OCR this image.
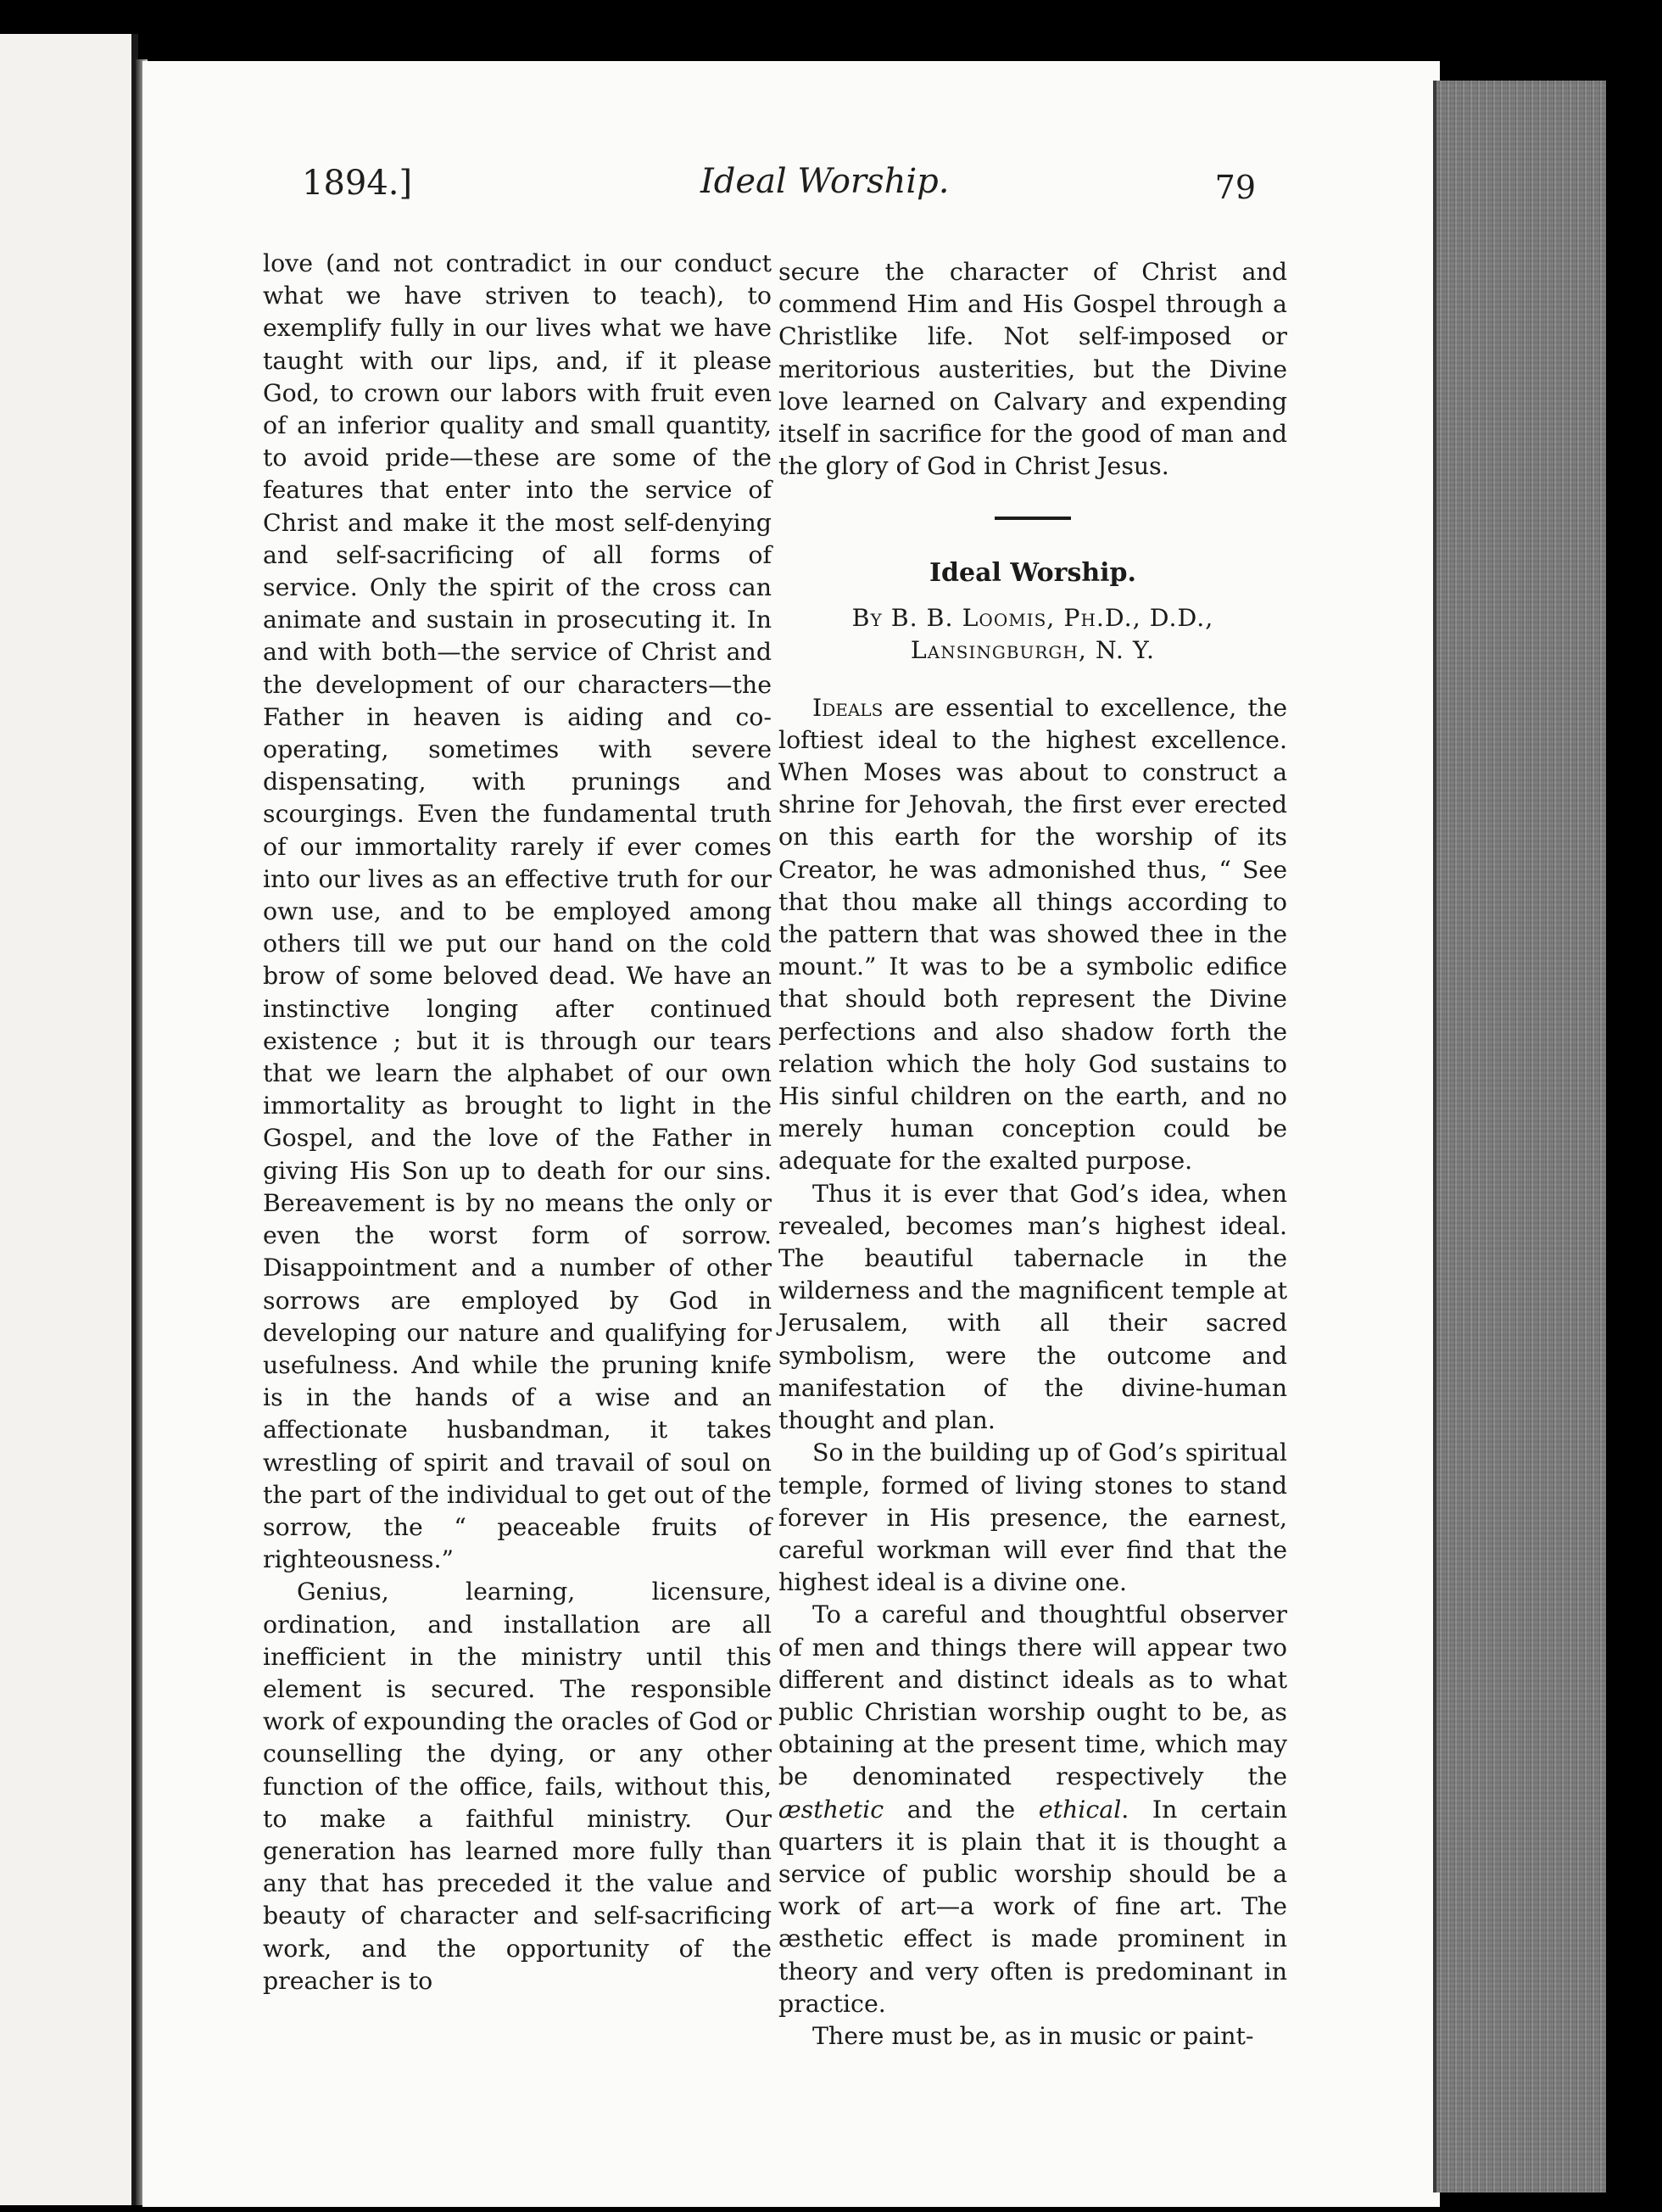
1894.]	Ideal Worship.	79

love (and not contradict in our conduct what we have striven to teach), to exemplify fully in our lives what we have taught with our lips, and, if it please God, to crown our labors with fruit even of an inferior quality and small quantity, to avoid pride—these are some of the features that enter into the service of Christ and make it the most self-denying and self-sacrificing of all forms of service. Only the spirit of the cross can animate and sustain in prosecuting it. In and with both—the service of Christ and the development of our characters—the Father in heaven is aiding and co-operating, sometimes with severe dispensating, with prunings and scourgings. Even the fundamental truth of our immortality rarely if ever comes into our lives as an effective truth for our own use, and to be employed among others till we put our hand on the cold brow of some beloved dead. We have an instinctive longing after continued existence ; but it is through our tears that we learn the alphabet of our own immortality as brought to light in the Gospel, and the love of the Father in giving His Son up to death for our sins. Bereavement is by no means the only or even the worst form of sorrow. Disappointment and a number of other sorrows are employed by God in developing our nature and qualifying for usefulness. And while the pruning knife is in the hands of a wise and an affectionate husbandman, it takes wrestling of spirit and travail of soul on the part of the individual to get out of the sorrow, the “ peaceable fruits of righteousness.”

Genius, learning, licensure, ordination, and installation are all inefficient in the ministry until this element is secured. The responsible work of expounding the oracles of God or counselling the dying, or any other function of the office, fails, without this, to make a faithful ministry. Our generation has learned more fully than any that has preceded it the value and beauty of character and self-sacrificing work, and the opportunity of the preacher is to

secure the character of Christ and commend Him and His Gospel through a Christlike life. Not self-imposed or meritorious austerities, but the Divine love learned on Calvary and expending itself in sacrifice for the good of man and the glory of God in Christ Jesus.

Ideal Worship.

By B. B. Loomis, Ph.D., D.D., Lansingburgh, N. Y.

Ideals are essential to excellence, the loftiest ideal to the highest excellence. When Moses was about to construct a shrine for Jehovah, the first ever erected on this earth for the worship of its Creator, he was admonished thus, “ See that thou make all things according to the pattern that was showed thee in the mount.” It was to be a symbolic edifice that should both represent the Divine perfections and also shadow forth the relation which the holy God sustains to His sinful children on the earth, and no merely human conception could be adequate for the exalted purpose.

Thus it is ever that God’s idea, when revealed, becomes man’s highest ideal. The beautiful tabernacle in the wilderness and the magnificent temple at Jerusalem, with all their sacred symbolism, were the outcome and manifestation of the divine-human thought and plan.

So in the building up of God’s spiritual temple, formed of living stones to stand forever in His presence, the earnest, careful workman will ever find that the highest ideal is a divine one.

To a careful and thoughtful observer of men and things there will appear two different and distinct ideals as to what public Christian worship ought to be, as obtaining at the present time, which may be denominated respectively the æsthetic and the ethical. In certain quarters it is plain that it is thought a service of public worship should be a work of art—a work of fine art. The æsthetic effect is made prominent in theory and very often is predominant in practice.

There must be, as in music or paint-
